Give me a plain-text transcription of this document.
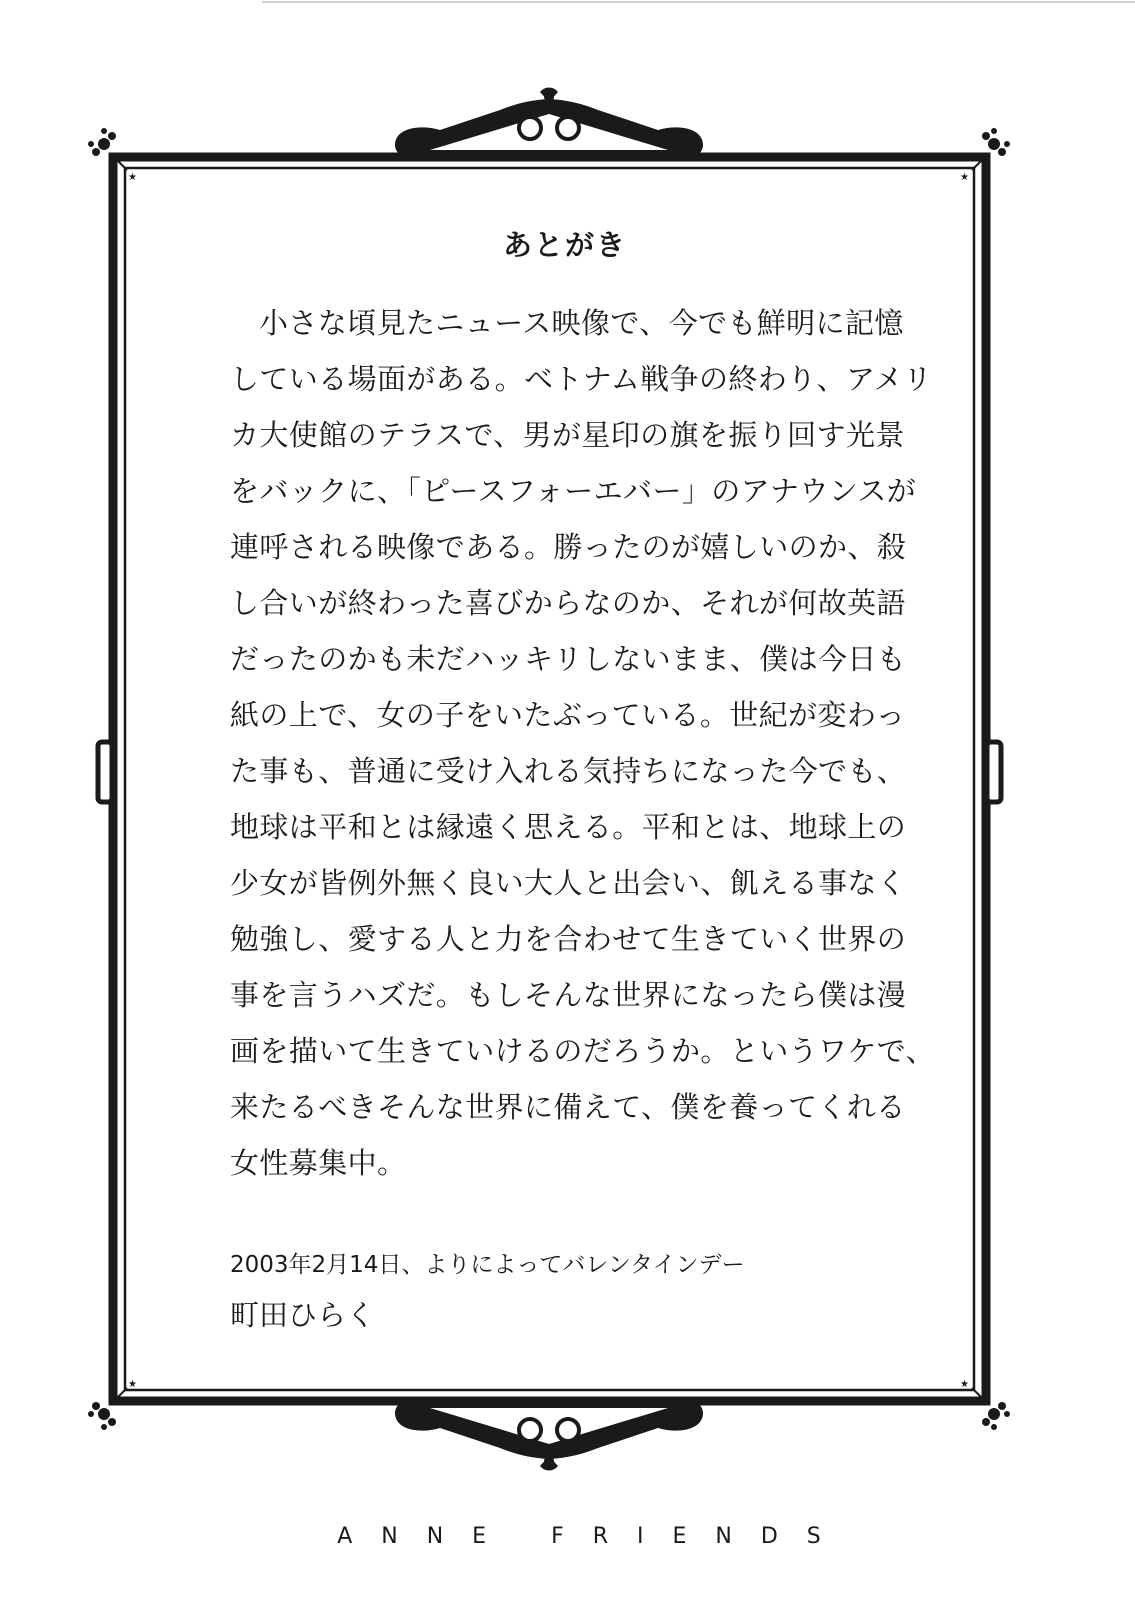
★	★
★	★
あとがき
小さな頃見たニュース映像で、今でも鮮明に記憶
している場面がある。ベトナム戦争の終わり、アメリ
カ大使館のテラスで、男が星印の旗を振り回す光景
をバックに、「ピースフォーエバー」のアナウンスが
連呼される映像である。勝ったのが嬉しいのか、殺
し合いが終わった喜びからなのか、それが何故英語
だったのかも未だハッキリしないまま、僕は今日も
紙の上で、女の子をいたぶっている。世紀が変わっ
た事も、普通に受け入れる気持ちになった今でも、
地球は平和とは縁遠く思える。平和とは、地球上の
少女が皆例外無く良い大人と出会い、飢える事なく
勉強し、愛する人と力を合わせて生きていく世界の
事を言うハズだ。もしそんな世界になったら僕は漫
画を描いて生きていけるのだろうか。というワケで、
来たるべきそんな世界に備えて、僕を養ってくれる
女性募集中。
2003年2月14日、よりによってバレンタインデー
町田ひらく
ANNE FRIENDS
